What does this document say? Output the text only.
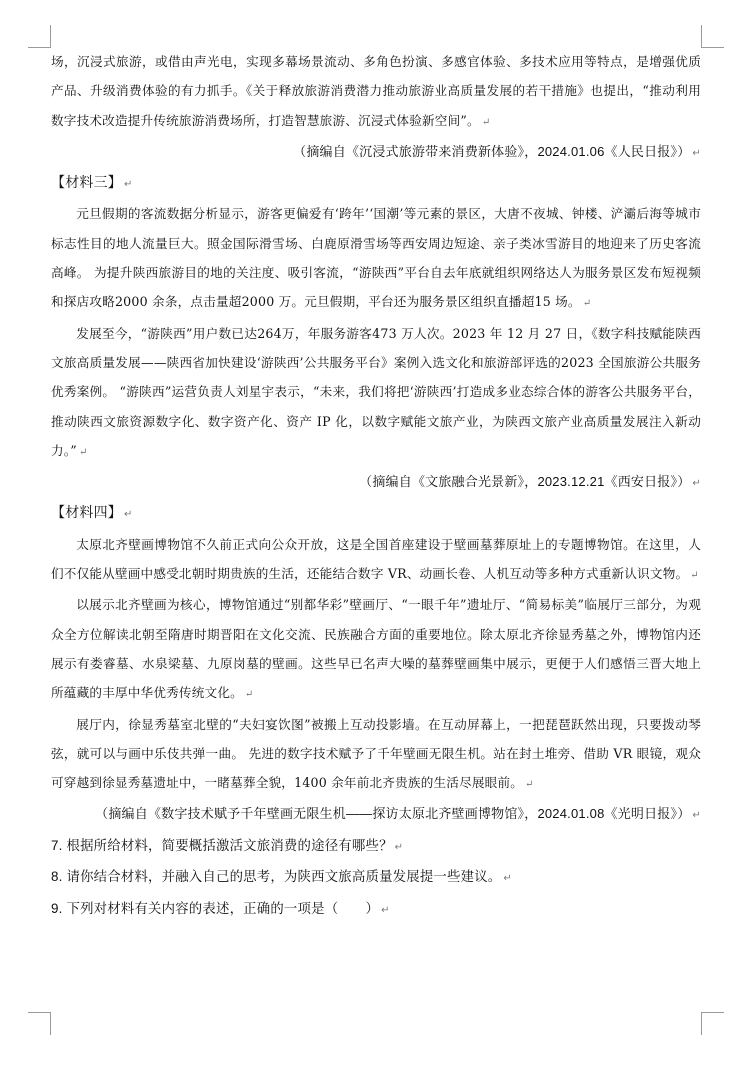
场，沉浸式旅游，或借由声光电，实现多幕场景流动、多角色扮演、多感官体验、多技术应用等特点，是增强优质产品、升级消费体验的有力抓手。《关于释放旅游消费潜力推动旅游业高质量发展的若干措施》也提出，“推动利用数字技术改造提升传统旅游消费场所，打造智慧旅游、沉浸式体验新空间”。 ↵

（摘编自《沉浸式旅游带来消费新体验》，2024.01.06《人民日报》） ↵

【材料三】 ↵

元旦假期的客流数据分析显示，游客更偏爱有‘跨年’‘国潮’等元素的景区，大唐不夜城、钟楼、浐灞后海等城市标志性目的地人流量巨大。照金国际滑雪场、白鹿原滑雪场等西安周边短途、亲子类冰雪游目的地迎来了历史客流高峰。 为提升陕西旅游目的地的关注度、吸引客流，“游陕西”平台自去年底就组织网络达人为服务景区发布短视频和探店攻略2000 余条，点击量超2000 万。元旦假期，平台还为服务景区组织直播超15 场。 ↵

发展至今，“游陕西”用户数已达264万，年服务游客473 万人次。2023 年 12 月 27 日，《数字科技赋能陕西文旅高质量发展——陕西省加快建设‘游陕西’公共服务平台》案例入选文化和旅游部评选的2023 全国旅游公共服务优秀案例。 “游陕西”运营负责人刘星宇表示，“未来，我们将把‘游陕西’打造成多业态综合体的游客公共服务平台，推动陕西文旅资源数字化、数字资产化、资产 IP 化，以数字赋能文旅产业，为陕西文旅产业高质量发展注入新动力。” ↵

（摘编自《文旅融合光景新》，2023.12.21《西安日报》） ↵

【材料四】 ↵

太原北齐壁画博物馆不久前正式向公众开放，这是全国首座建设于壁画墓葬原址上的专题博物馆。在这里，人们不仅能从壁画中感受北朝时期贵族的生活，还能结合数字 VR、动画长卷、人机互动等多种方式重新认识文物。 ↵

以展示北齐壁画为核心，博物馆通过“别都华彩”壁画厅、“一眼千年”遗址厅、“简易标美”临展厅三部分，为观众全方位解读北朝至隋唐时期晋阳在文化交流、民族融合方面的重要地位。除太原北齐徐显秀墓之外，博物馆内还展示有娄睿墓、水泉梁墓、九原岗墓的壁画。这些早已名声大噪的墓葬壁画集中展示，更便于人们感悟三晋大地上所蕴藏的丰厚中华优秀传统文化。 ↵

展厅内，徐显秀墓室北壁的“夫妇宴饮图”被搬上互动投影墙。在互动屏幕上，一把琵琶跃然出现，只要拨动琴弦，就可以与画中乐伎共弹一曲。 先进的数字技术赋予了千年壁画无限生机。站在封土堆旁、借助 VR 眼镜，观众可穿越到徐显秀墓遗址中，一睹墓葬全貌，1400 余年前北齐贵族的生活尽展眼前。 ↵

（摘编自《数字技术赋予千年壁画无限生机——探访太原北齐壁画博物馆》，2024.01.08《光明日报》） ↵

7. 根据所给材料，简要概括激活文旅消费的途径有哪些？ ↵

8. 请你结合材料，并融入自己的思考，为陕西文旅高质量发展提一些建议。 ↵

9. 下列对材料有关内容的表述，正确的一项是（　　） ↵
